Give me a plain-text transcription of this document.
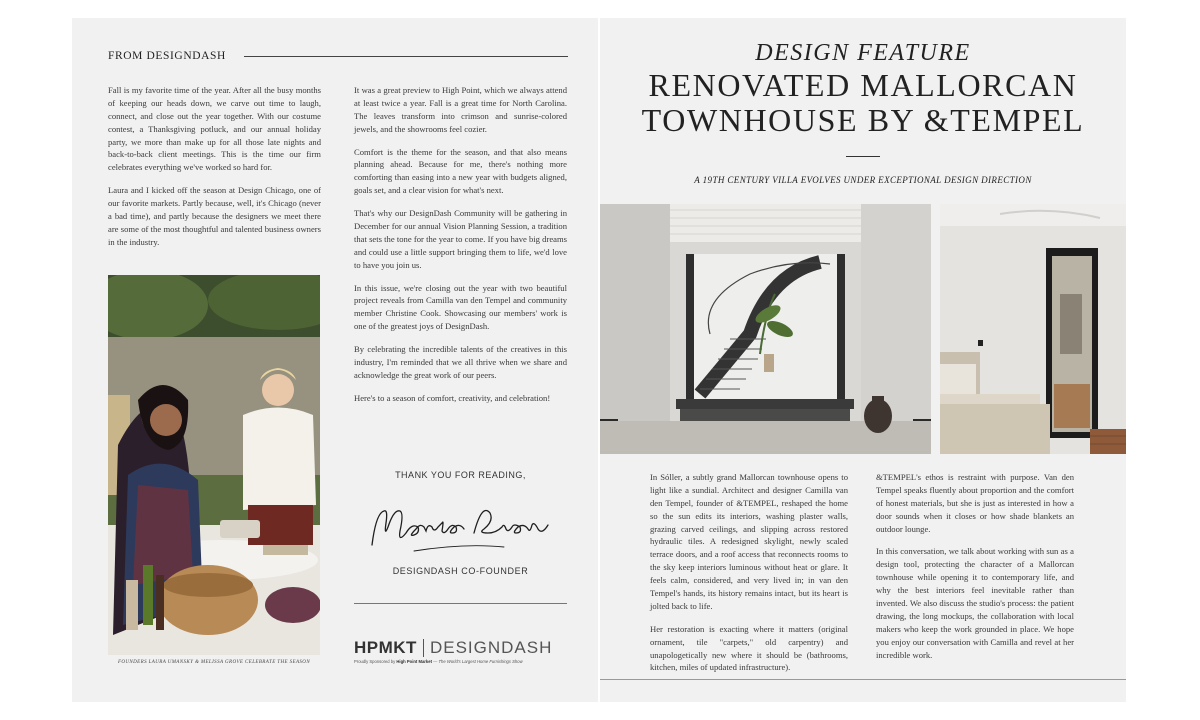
FROM DESIGNDASH

Fall is my favorite time of the year. After all the busy months of keeping our heads down, we carve out time to laugh, connect, and close out the year together. With our costume contest, a Thanksgiving potluck, and our annual holiday party, we more than make up for all those late nights and back-to-back client meetings. This is the time our firm celebrates everything we've worked so hard for.

Laura and I kicked off the season at Design Chicago, one of our favorite markets. Partly because, well, it's Chicago (never a bad time), and partly because the designers we meet there are some of the most thoughtful and talented business owners in the industry.

It was a great preview to High Point, which we always attend at least twice a year. Fall is a great time for North Carolina. The leaves transform into crimson and sunrise-colored jewels, and the showrooms feel cozier.

Comfort is the theme for the season, and that also means planning ahead. Because for me, there's nothing more comforting than easing into a new year with budgets aligned, goals set, and a clear vision for what's next.

That's why our DesignDash Community will be gathering in December for our annual Vision Planning Session, a tradition that sets the tone for the year to come. If you have big dreams and could use a little support bringing them to life, we'd love to have you join us.

In this issue, we're closing out the year with two beautiful project reveals from Camilla van den Tempel and community member Christine Cook. Showcasing our members' work is one of the greatest joys of DesignDash.

By celebrating the incredible talents of the creatives in this industry, I'm reminded that we all thrive when we share and acknowledge the great work of our peers.

Here's to a season of comfort, creativity, and celebration!

FOUNDERS LAURA UMANSKY & MELISSA GROVE CELEBRATE THE SEASON
THANK YOU FOR READING,
DESIGNDASH CO-FOUNDER
HPMKT DESIGNDASH
Proudly Sponsored by High Point Market — The World's Largest Home Furnishings Show
DESIGN FEATURE
RENOVATED MALLORCAN
TOWNHOUSE BY &TEMPEL
A 19TH CENTURY VILLA EVOLVES UNDER EXCEPTIONAL DESIGN DIRECTION

In Sóller, a subtly grand Mallorcan townhouse opens to light like a sundial. Architect and designer Camilla van den Tempel, founder of &TEMPEL, reshaped the home so the sun edits its interiors, washing plaster walls, grazing carved ceilings, and slipping across restored hydraulic tiles. A redesigned skylight, newly scaled terrace doors, and a roof access that reconnects rooms to the sky keep interiors luminous without heat or glare. It feels calm, considered, and very lived in; in van den Tempel's hands, its history remains intact, but its heart is jolted back to life.

Her restoration is exacting where it matters (original ornament, tile "carpets," old carpentry) and unapologetically new where it should be (bathrooms, kitchen, miles of updated infrastructure).

&TEMPEL's ethos is restraint with purpose. Van den Tempel speaks fluently about proportion and the comfort of honest materials, but she is just as interested in how a door sounds when it closes or how shade blankets an outdoor lounge.

In this conversation, we talk about working with sun as a design tool, protecting the character of a Mallorcan townhouse while opening it to contemporary life, and why the best interiors feel inevitable rather than invented. We also discuss the studio's process: the patient drawing, the long mockups, the collaboration with local makers who keep the work grounded in place. We hope you enjoy our conversation with Camilla and revel at her incredible work.
